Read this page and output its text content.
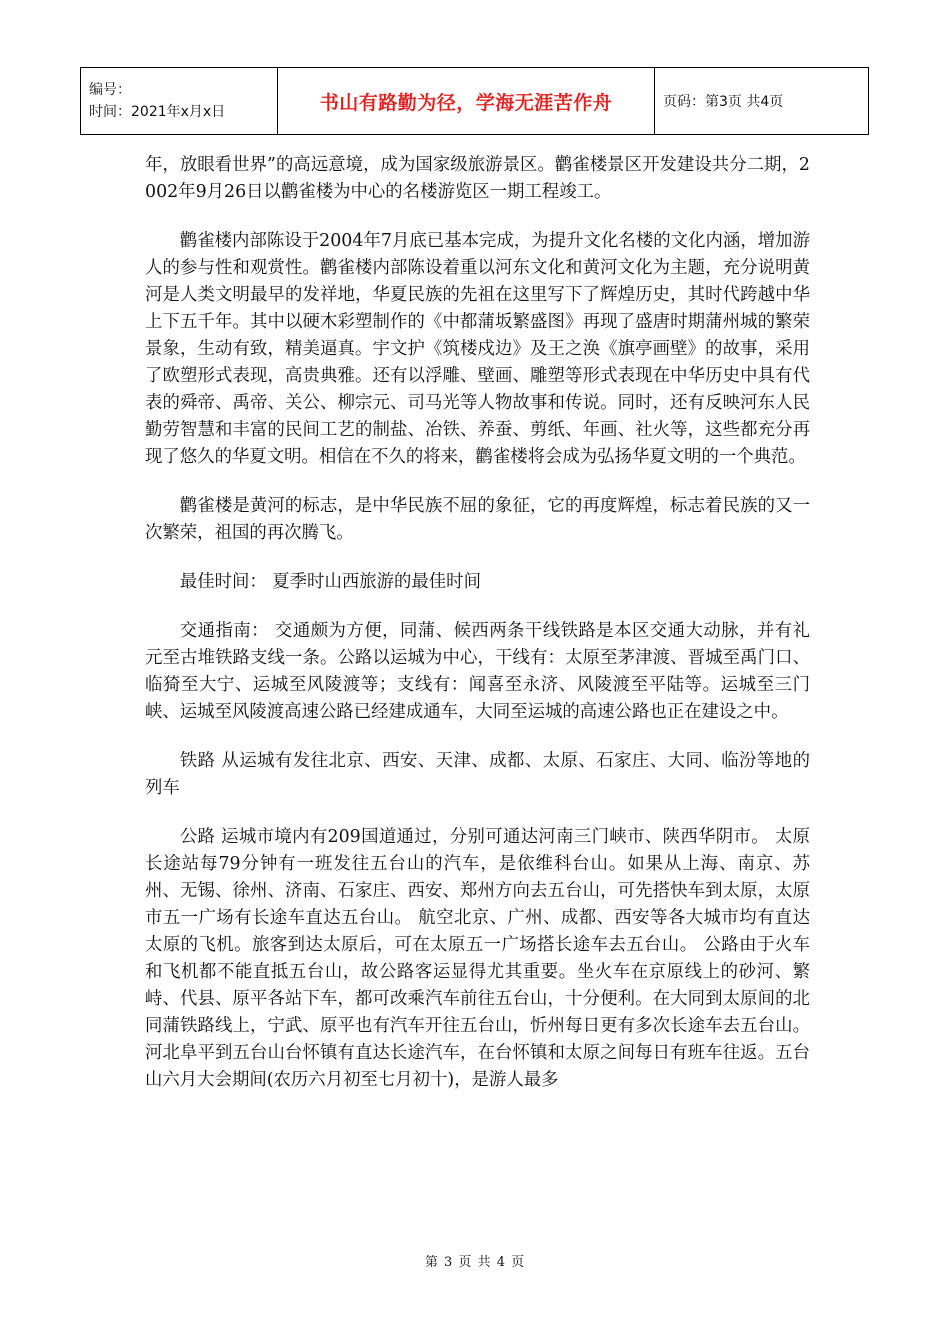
编号：
时间：2021年x月x日	书山有路勤为径，学海无涯苦作舟	页码：第3页 共4页

年，放眼看世界”的高远意境，成为国家级旅游景区。鹳雀楼景区开发建设共分二期，2002年9月26日以鹳雀楼为中心的名楼游览区一期工程竣工。

鹳雀楼内部陈设于2004年7月底已基本完成，为提升文化名楼的文化内涵，增加游人的参与性和观赏性。鹳雀楼内部陈设着重以河东文化和黄河文化为主题，充分说明黄河是人类文明最早的发祥地，华夏民族的先祖在这里写下了辉煌历史，其时代跨越中华上下五千年。其中以硬木彩塑制作的《中都蒲坂繁盛图》再现了盛唐时期蒲州城的繁荣景象，生动有致，精美逼真。宇文护《筑楼戍边》及王之涣《旗亭画壁》的故事，采用了欧塑形式表现，高贵典雅。还有以浮雕、壁画、雕塑等形式表现在中华历史中具有代表的舜帝、禹帝、关公、柳宗元、司马光等人物故事和传说。同时，还有反映河东人民勤劳智慧和丰富的民间工艺的制盐、冶铁、养蚕、剪纸、年画、社火等，这些都充分再现了悠久的华夏文明。相信在不久的将来，鹳雀楼将会成为弘扬华夏文明的一个典范。

鹳雀楼是黄河的标志，是中华民族不屈的象征，它的再度辉煌，标志着民族的又一次繁荣，祖国的再次腾飞。

最佳时间： 夏季时山西旅游的最佳时间

交通指南： 交通颇为方便，同蒲、候西两条干线铁路是本区交通大动脉，并有礼元至古堆铁路支线一条。公路以运城为中心，干线有：太原至茅津渡、晋城至禹门口、临猗至大宁、运城至风陵渡等；支线有：闻喜至永济、风陵渡至平陆等。运城至三门峡、运城至风陵渡高速公路已经建成通车，大同至运城的高速公路也正在建设之中。

铁路 从运城有发往北京、西安、天津、成都、太原、石家庄、大同、临汾等地的列车

公路 运城市境内有209国道通过，分别可通达河南三门峡市、陕西华阴市。 太原长途站每79分钟有一班发往五台山的汽车，是依维科台山。如果从上海、南京、苏州、无锡、徐州、济南、石家庄、西安、郑州方向去五台山，可先搭快车到太原，太原市五一广场有长途车直达五台山。 航空北京、广州、成都、西安等各大城市均有直达太原的飞机。旅客到达太原后，可在太原五一广场搭长途车去五台山。 公路由于火车和飞机都不能直抵五台山，故公路客运显得尤其重要。坐火车在京原线上的砂河、繁峙、代县、原平各站下车，都可改乘汽车前往五台山，十分便利。在大同到太原间的北同蒲铁路线上，宁武、原平也有汽车开往五台山，忻州每日更有多次长途车去五台山。河北阜平到五台山台怀镇有直达长途汽车，在台怀镇和太原之间每日有班车往返。五台山六月大会期间(农历六月初至七月初十)，是游人最多

第 3 页 共 4 页
